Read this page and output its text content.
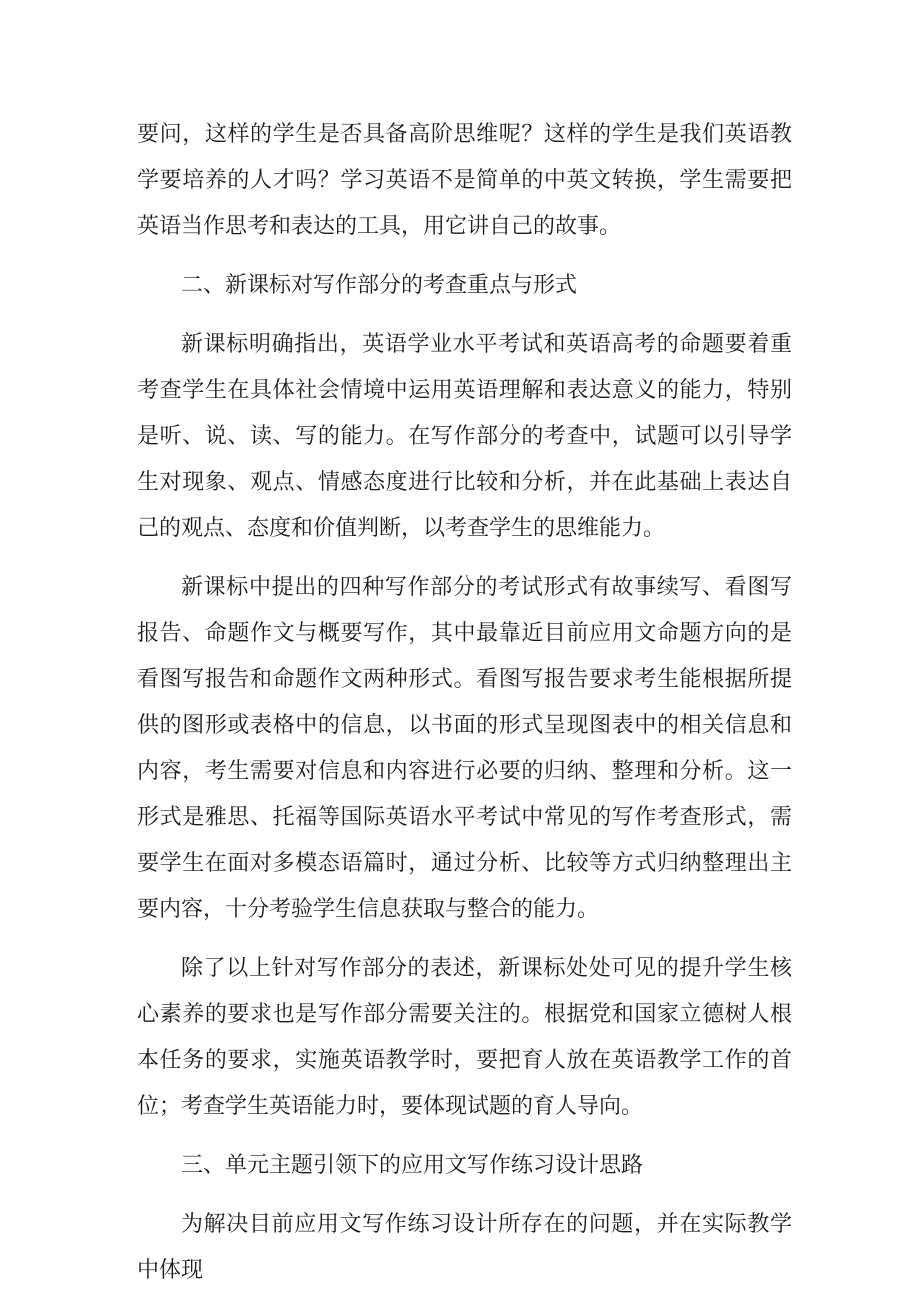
要问，这样的学生是否具备高阶思维呢？这样的学生是我们英语教学要培养的人才吗？学习英语不是简单的中英文转换，学生需要把英语当作思考和表达的工具，用它讲自己的故事。

二、新课标对写作部分的考查重点与形式

新课标明确指出，英语学业水平考试和英语高考的命题要着重考查学生在具体社会情境中运用英语理解和表达意义的能力，特别是听、说、读、写的能力。在写作部分的考查中，试题可以引导学生对现象、观点、情感态度进行比较和分析，并在此基础上表达自己的观点、态度和价值判断，以考查学生的思维能力。

新课标中提出的四种写作部分的考试形式有故事续写、看图写报告、命题作文与概要写作，其中最靠近目前应用文命题方向的是看图写报告和命题作文两种形式。看图写报告要求考生能根据所提供的图形或表格中的信息，以书面的形式呈现图表中的相关信息和内容，考生需要对信息和内容进行必要的归纳、整理和分析。这一形式是雅思、托福等国际英语水平考试中常见的写作考查形式，需要学生在面对多模态语篇时，通过分析、比较等方式归纳整理出主要内容，十分考验学生信息获取与整合的能力。

除了以上针对写作部分的表述，新课标处处可见的提升学生核心素养的要求也是写作部分需要关注的。根据党和国家立德树人根本任务的要求，实施英语教学时，要把育人放在英语教学工作的首位；考查学生英语能力时，要体现试题的育人导向。

三、单元主题引领下的应用文写作练习设计思路

为解决目前应用文写作练习设计所存在的问题，并在实际教学中体现
